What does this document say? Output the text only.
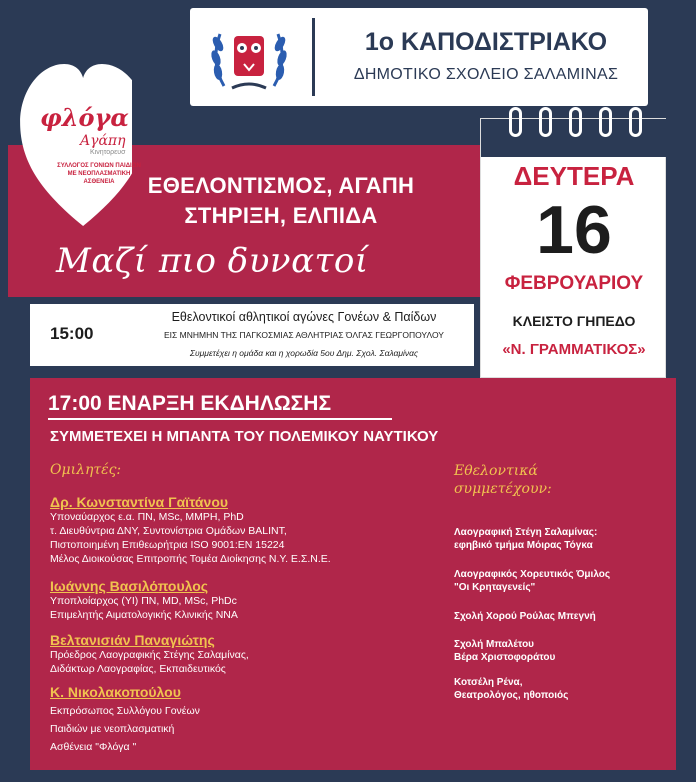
1ο ΚΑΠΟΔΙΣΤΡΙΑΚΟ
ΔΗΜΟΤΙΚΟ ΣΧΟΛΕΙΟ ΣΑΛΑΜΙΝΑΣ
ΕΘΕΛΟΝΤΙΣΜΟΣ, ΑΓΑΠΗ
ΣΤΗΡΙΞΗ, ΕΛΠΙΔΑ
Μαζί πιο δυνατοί
φλόγα
Αγάπη
Κινητορευσ
ΣΥΛΛΟΓΟΣ ΓΟΝΙΩΝ ΠΑΙΔΙΩΝ
ΜΕ ΝΕΟΠΛΑΣΜΑΤΙΚΗ ΑΣΘΕΝΕΙΑ	ΔΕΥΤΕΡΑ
16
ΦΕΒΡΟΥΑΡΙΟΥ
ΚΛΕΙΣΤΟ ΓΗΠΕΔΟ
«Ν. ΓΡΑΜΜΑΤΙΚΟΣ»
15:00
Εθελοντικοί αθλητικοί αγώνες Γονέων & Παίδων
ΕΙΣ ΜΝΗΜΗΝ ΤΗΣ ΠΑΓΚΟΣΜΙΑΣ ΑΘΛΗΤΡΙΑΣ ΌΛΓΑΣ ΓΕΩΡΓΟΠΟΥΛΟΥ
Συμμετέχει η ομάδα και η χορωδία 5ου Δημ. Σχολ. Σαλαμίνας
17:00 ΕΝΑΡΞΗ ΕΚΔΗΛΩΣΗΣ
ΣΥΜΜΕΤΕΧΕΙ Η ΜΠΑΝΤΑ ΤΟΥ ΠΟΛΕΜΙΚΟΥ ΝΑΥΤΙΚΟΥ
Ομιλητές:	Εθελοντικά
συμμετέχουν:
Δρ. Κωνσταντίνα Γαϊτάνου
Υποναύαρχος ε.α. ΠΝ, MSc, MMPH, PhD
τ. Διευθύντρια ΔΝΥ, Συντονίστρια Ομάδων BALINT,
Πιστοποιημένη Επιθεωρήτρια ISO 9001:EN 15224
Μέλος Διοικούσας Επιτροπής Τομέα Διοίκησης Ν.Υ. Ε.Σ.Ν.Ε.
Ιωάννης Βασιλόπουλος
Υποπλοίαρχος (ΥΙ) ΠΝ, MD, MSc, PhDc
Επιμελητής Αιματολογικής Κλινικής ΝΝΑ
Βελτανισιάν Παναγιώτης
Πρόεδρος Λαογραφικής Στέγης Σαλαμίνας,
Διδάκτωρ Λαογραφίας, Εκπαιδευτικός
Κ. Νικολακοπούλου
Εκπρόσωπος Συλλόγου Γονέων
Παιδιών με νεοπλασματική
Ασθένεια "Φλόγα "
Λαογραφική Στέγη Σαλαμίνας:
εφηβικό τμήμα Μόιρας Τόγκα
Λαογραφικός Χορευτικός Όμιλος
"Οι Κρηταγενείς"
Σχολή Χορού Ρούλας Μπεγνή
Σχολή Μπαλέτου
Βέρα Χριστοφοράτου
Κοτσέλη Ρένα,
Θεατρολόγος, ηθοποιός
